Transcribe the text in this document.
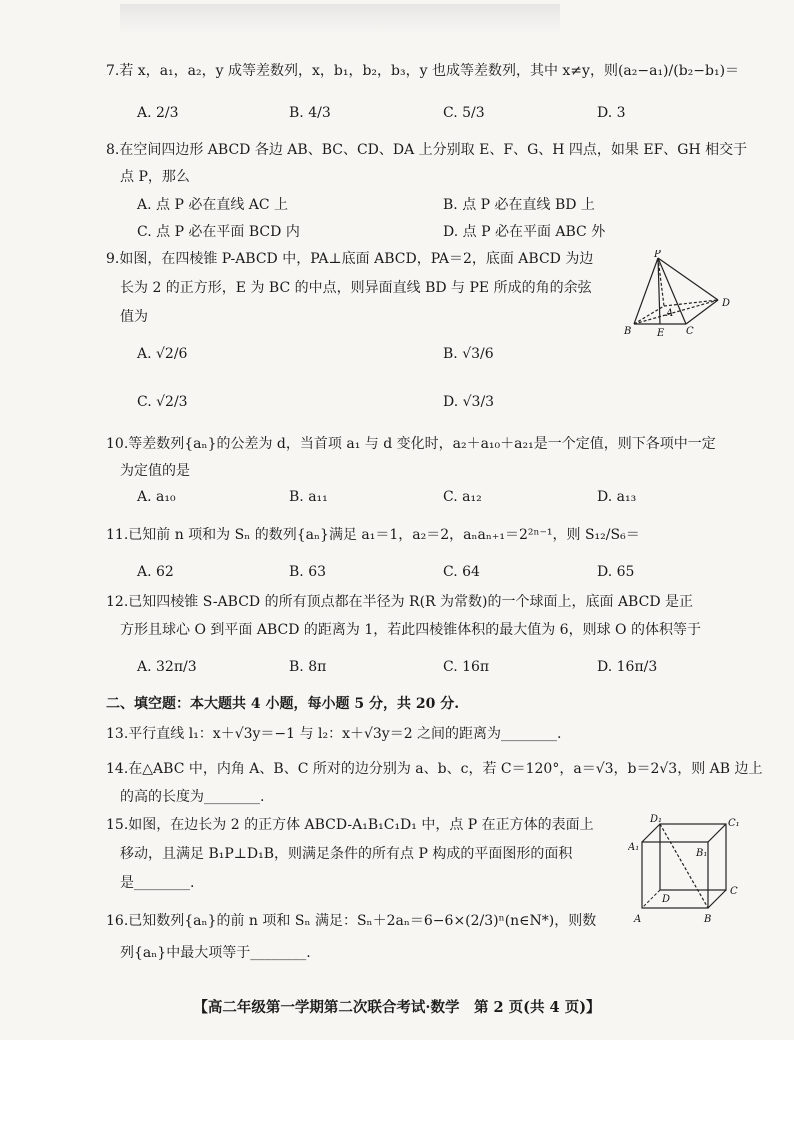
7.若 x，a₁，a₂，y 成等差数列，x，b₁，b₂，b₃，y 也成等差数列，其中 x≠y，则(a₂−a₁)/(b₂−b₁)＝
A. 2/3	B. 4/3	C. 5/3	D. 3
8.在空间四边形 ABCD 各边 AB、BC、CD、DA 上分别取 E、F、G、H 四点，如果 EF、GH 相交于
点 P，那么
A. 点 P 必在直线 AC 上	B. 点 P 必在直线 BD 上
C. 点 P 必在平面 BCD 内	D. 点 P 必在平面 ABC 外
9.如图，在四棱锥 P-ABCD 中，PA⊥底面 ABCD，PA＝2，底面 ABCD 为边
长为 2 的正方形，E 为 BC 的中点，则异面直线 BD 与 PE 所成的角的余弦
值为
A. √2/6	B. √3/6
C. √2/3	D. √3/3
P
A
B	E C
D
10.等差数列{aₙ}的公差为 d，当首项 a₁ 与 d 变化时，a₂＋a₁₀＋a₂₁是一个定值，则下各项中一定
为定值的是
A. a₁₀	B. a₁₁	C. a₁₂	D. a₁₃
11.已知前 n 项和为 Sₙ 的数列{aₙ}满足 a₁＝1，a₂＝2，aₙaₙ₊₁＝2²ⁿ⁻¹，则 S₁₂/S₆＝
A. 62	B. 63	C. 64	D. 65
12.已知四棱锥 S-ABCD 的所有顶点都在半径为 R(R 为常数)的一个球面上，底面 ABCD 是正
方形且球心 O 到平面 ABCD 的距离为 1，若此四棱锥体积的最大值为 6，则球 O 的体积等于
A. 32π/3	B. 8π	C. 16π	D. 16π/3
二、填空题：本大题共 4 小题，每小题 5 分，共 20 分.
13.平行直线 l₁：x＋√3y＝−1 与 l₂：x＋√3y＝2 之间的距离为________.
14.在△ABC 中，内角 A、B、C 所对的边分别为 a、b、c，若 C＝120°，a＝√3，b＝2√3，则 AB 边上
的高的长度为________.
15.如图，在边长为 2 的正方体 ABCD-A₁B₁C₁D₁ 中，点 P 在正方体的表面上
移动，且满足 B₁P⊥D₁B，则满足条件的所有点 P 构成的平面图形的面积
是________.
D₁	C₁
A₁
B₁
D
C
A	B
16.已知数列{aₙ}的前 n 项和 Sₙ 满足：Sₙ＋2aₙ＝6−6×(2/3)ⁿ(n∈N*)，则数
列{aₙ}中最大项等于________.
【高二年级第一学期第二次联合考试·数学　第 2 页(共 4 页)】
